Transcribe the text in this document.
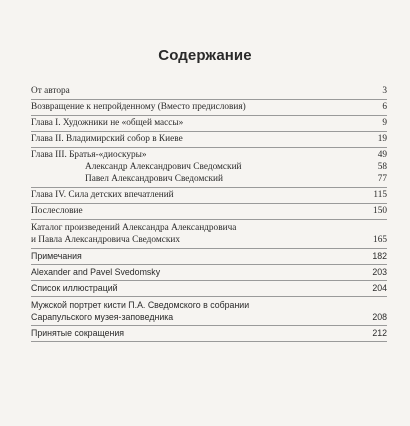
Содержание
От автора	3
Возвращение к непройденному (Вместо предисловия)	6
Глава I. Художники не «общей массы»	9
Глава II. Владимирский собор в Киеве	19
Глава III. Братья-«диоскуры»	49
Александр Александрович Сведомский	58
Павел Александрович Сведомский	77
Глава IV. Сила детских впечатлений	115
Послесловие	150
Каталог произведений Александра Александровича
и Павла Александровича Сведомских	165
Примечания	182
Alexander and Pavel Svedomsky	203
Список иллюстраций	204
Мужской портрет кисти П.А. Сведомского в собрании
Сарапульского музея-заповедника	208
Принятые сокращения	212
